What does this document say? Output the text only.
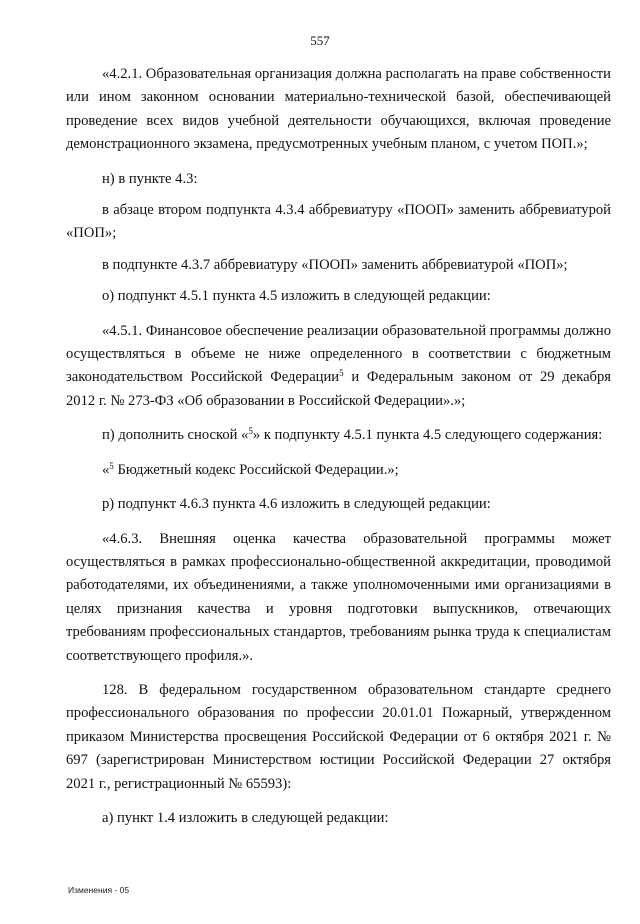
557

«4.2.1. Образовательная организация должна располагать на праве собственности или ином законном основании материально-технической базой, обеспечивающей проведение всех видов учебной деятельности обучающихся, включая проведение демонстрационного экзамена, предусмотренных учебным планом, с учетом ПОП.»;

н) в пункте 4.3:

в абзаце втором подпункта 4.3.4 аббревиатуру «ПООП» заменить аббревиатурой «ПОП»;

в подпункте 4.3.7 аббревиатуру «ПООП» заменить аббревиатурой «ПОП»;

о) подпункт 4.5.1 пункта 4.5 изложить в следующей редакции:

«4.5.1. Финансовое обеспечение реализации образовательной программы должно осуществляться в объеме не ниже определенного в соответствии с бюджетным законодательством Российской Федерации$^5$ и Федеральным законом от 29 декабря 2012 г. № 273-ФЗ «Об образовании в Российской Федерации».»;

п) дополнить сноской «$^5$» к подпункту 4.5.1 пункта 4.5 следующего содержания:

«$^5$ Бюджетный кодекс Российской Федерации.»;

р) подпункт 4.6.3 пункта 4.6 изложить в следующей редакции:

«4.6.3. Внешняя оценка качества образовательной программы может осуществляться в рамках профессионально-общественной аккредитации, проводимой работодателями, их объединениями, а также уполномоченными ими организациями в целях признания качества и уровня подготовки выпускников, отвечающих требованиям профессиональных стандартов, требованиям рынка труда к специалистам соответствующего профиля.».

128. В федеральном государственном образовательном стандарте среднего профессионального образования по профессии 20.01.01 Пожарный, утвержденном приказом Министерства просвещения Российской Федерации от 6 октября 2021 г. № 697 (зарегистрирован Министерством юстиции Российской Федерации 27 октября 2021 г., регистрационный № 65593):

а) пункт 1.4 изложить в следующей редакции:

Изменения - 05
